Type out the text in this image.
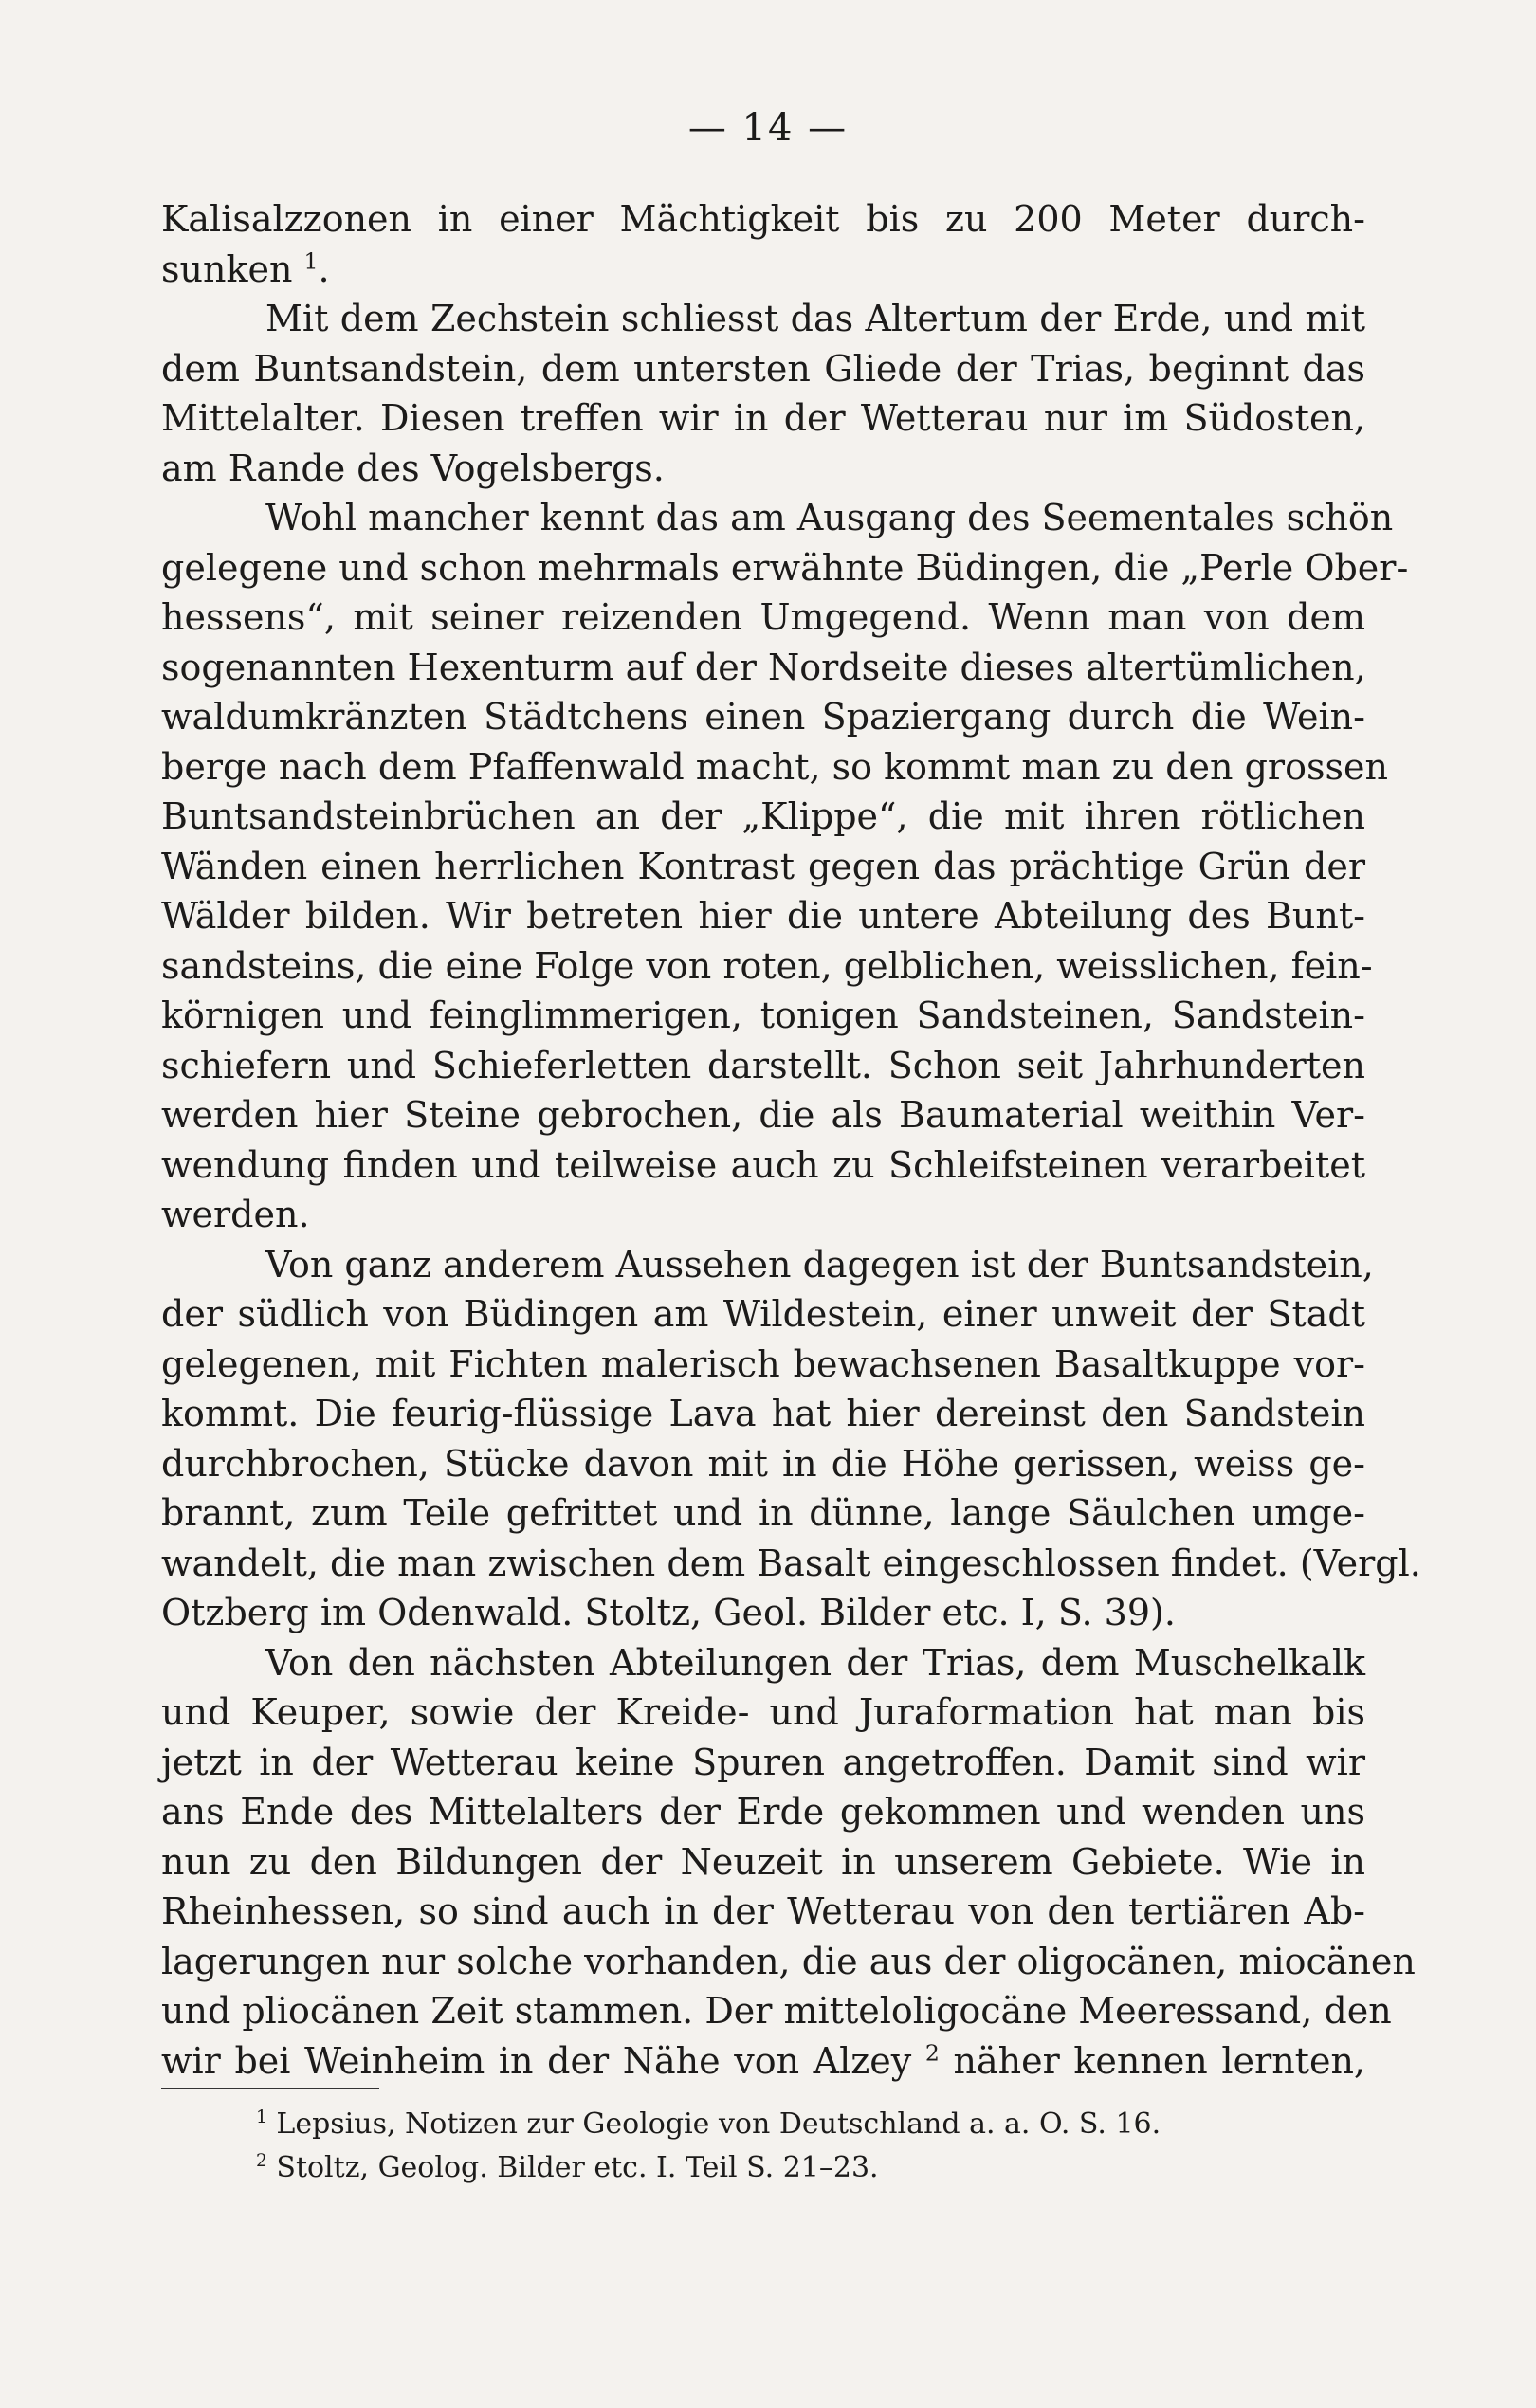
— 14 —
Kalisalzzonen in einer Mächtigkeit bis zu 200 Meter durch-
sunken $^1$.
Mit dem Zechstein schliesst das Altertum der Erde, und mit
dem Buntsandstein, dem untersten Gliede der Trias, beginnt das
Mittelalter. Diesen treffen wir in der Wetterau nur im Südosten,
am Rande des Vogelsbergs.
Wohl mancher kennt das am Ausgang des Seementales schön
gelegene und schon mehrmals erwähnte Büdingen, die „Perle Ober-
hessens“, mit seiner reizenden Umgegend. Wenn man von dem
sogenannten Hexenturm auf der Nordseite dieses altertümlichen,
waldumkränzten Städtchens einen Spaziergang durch die Wein-
berge nach dem Pfaffenwald macht, so kommt man zu den grossen
Buntsandsteinbrüchen an der „Klippe“, die mit ihren rötlichen
Wänden einen herrlichen Kontrast gegen das prächtige Grün der
Wälder bilden. Wir betreten hier die untere Abteilung des Bunt-
sandsteins, die eine Folge von roten, gelblichen, weisslichen, fein-
körnigen und feinglimmerigen, tonigen Sandsteinen, Sandstein-
schiefern und Schieferletten darstellt. Schon seit Jahrhunderten
werden hier Steine gebrochen, die als Baumaterial weithin Ver-
wendung finden und teilweise auch zu Schleifsteinen verarbeitet
werden.
Von ganz anderem Aussehen dagegen ist der Buntsandstein,
der südlich von Büdingen am Wildestein, einer unweit der Stadt
gelegenen, mit Fichten malerisch bewachsenen Basaltkuppe vor-
kommt. Die feurig-flüssige Lava hat hier dereinst den Sandstein
durchbrochen, Stücke davon mit in die Höhe gerissen, weiss ge-
brannt, zum Teile gefrittet und in dünne, lange Säulchen umge-
wandelt, die man zwischen dem Basalt eingeschlossen findet. (Vergl.
Otzberg im Odenwald. Stoltz, Geol. Bilder etc. I, S. 39).
Von den nächsten Abteilungen der Trias, dem Muschelkalk
und Keuper, sowie der Kreide- und Juraformation hat man bis
jetzt in der Wetterau keine Spuren angetroffen. Damit sind wir
ans Ende des Mittelalters der Erde gekommen und wenden uns
nun zu den Bildungen der Neuzeit in unserem Gebiete. Wie in
Rheinhessen, so sind auch in der Wetterau von den tertiären Ab-
lagerungen nur solche vorhanden, die aus der oligocänen, miocänen
und pliocänen Zeit stammen. Der mitteloligocäne Meeressand, den
wir bei Weinheim in der Nähe von Alzey $^2$ näher kennen lernten,
$^1$ Lepsius, Notizen zur Geologie von Deutschland a. a. O. S. 16.
$^2$ Stoltz, Geolog. Bilder etc. I. Teil S. 21–23.
